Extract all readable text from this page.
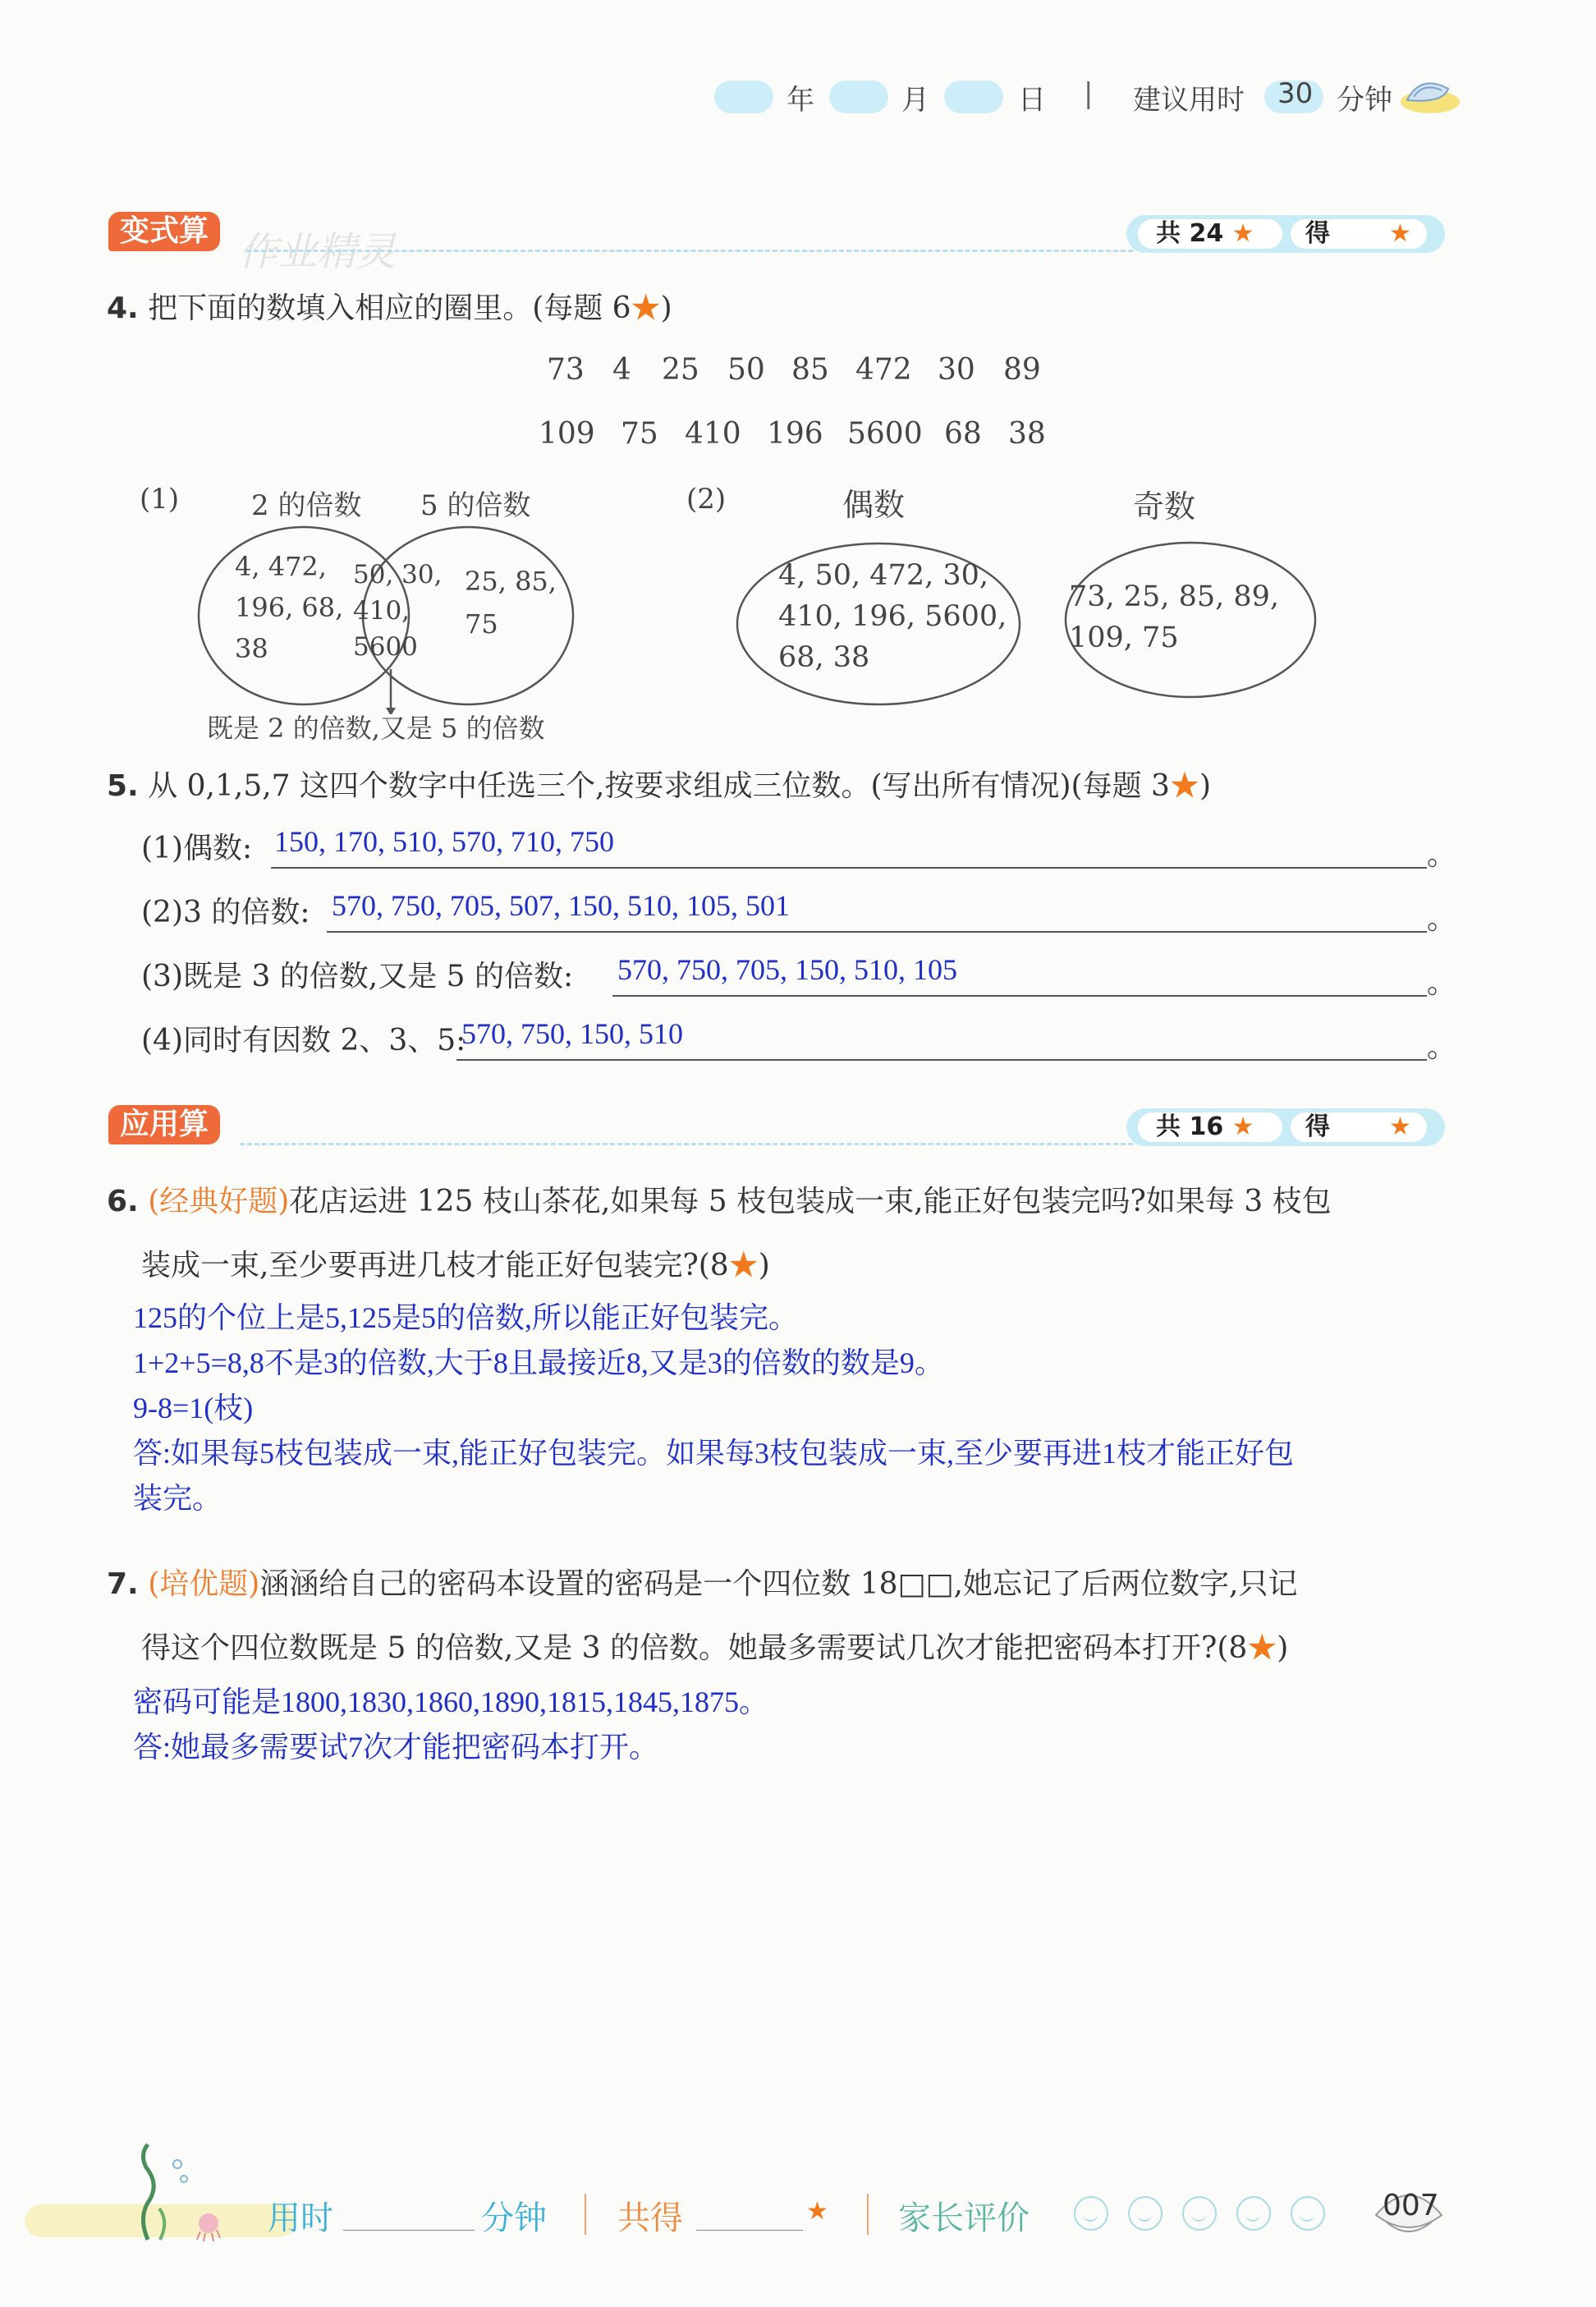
年	月	日 | 建议用时 30 分钟
变式算 作业精灵	共 24 ★	得 ★
4. 把下面的数填入相应的圈里。(每题 6★)
73 4 25 50 85 472 30 89
109 75 410 196 5600 68 38
(1)	2 的倍数 5 的倍数
4, 472,
196, 68,
38
50, 30,
410,
5600
25, 85,
75
既是 2 的倍数,又是 5 的倍数
(2)	偶数	奇数
4, 50, 472, 30,
410, 196, 5600,
68, 38
73, 25, 85, 89,
109, 75
5. 从 0,1,5,7 这四个数字中任选三个,按要求组成三位数。(写出所有情况)(每题 3★)
(1)偶数: 150, 170, 510, 570, 710, 750	。
(2)3 的倍数: 570, 750, 705, 507, 150, 510, 105, 501	。
(3)既是 3 的倍数,又是 5 的倍数: 570, 750, 705, 150, 510, 105	。
(4)同时有因数 2、3、5:
570, 750, 150, 510	。
应用算	共 16 ★	得 ★
6. (经典好题)花店运进 125 枝山茶花,如果每 5 枝包装成一束,能正好包装完吗?如果每 3 枝包
装成一束,至少要再进几枝才能正好包装完?(8★)
125的个位上是5,125是5的倍数,所以能正好包装完。
1+2+5=8,8不是3的倍数,大于8且最接近8,又是3的倍数的数是9。
9-8=1(枝)
答:如果每5枝包装成一束,能正好包装完。如果每3枝包装成一束,至少要再进1枝才能正好包
装完。
7. (培优题)涵涵给自己的密码本设置的密码是一个四位数 18□□,她忘记了后两位数字,只记
得这个四位数既是 5 的倍数,又是 3 的倍数。她最多需要试几次才能把密码本打开?(8★)
密码可能是1800,1830,1860,1890,1815,1845,1875。
答:她最多需要试7次才能把密码本打开。
用时	分钟 共得	★ 家长评价	007
